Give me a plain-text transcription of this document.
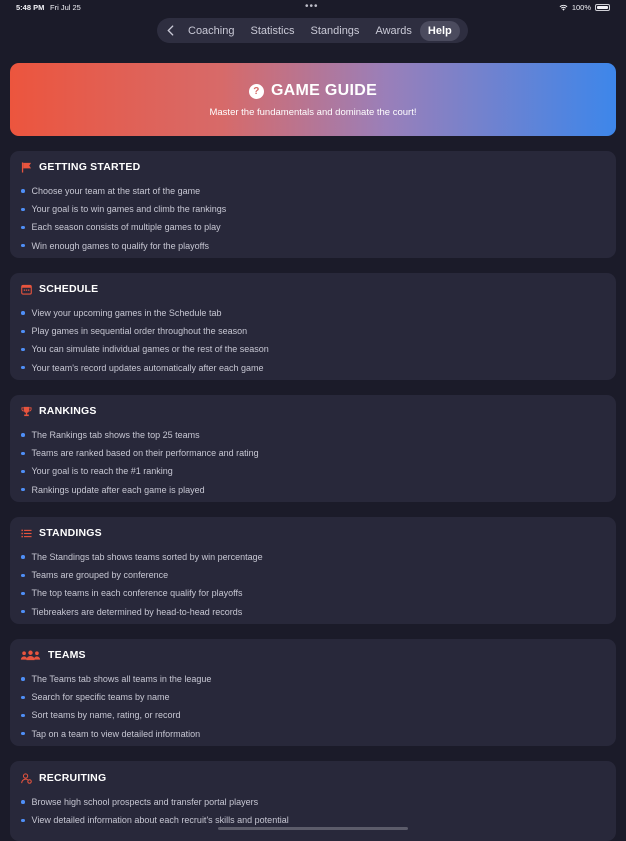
5:48 PM Fri Jul 25	•••	100%
Coaching	Statistics	Standings	Awards	Help
? GAME GUIDE
Master the fundamentals and dominate the court!
GETTING STARTED
Choose your team at the start of the game
Your goal is to win games and climb the rankings
Each season consists of multiple games to play
Win enough games to qualify for the playoffs
SCHEDULE
View your upcoming games in the Schedule tab
Play games in sequential order throughout the season
You can simulate individual games or the rest of the season
Your team's record updates automatically after each game
RANKINGS
The Rankings tab shows the top 25 teams
Teams are ranked based on their performance and rating
Your goal is to reach the #1 ranking
Rankings update after each game is played
STANDINGS
The Standings tab shows teams sorted by win percentage
Teams are grouped by conference
The top teams in each conference qualify for playoffs
Tiebreakers are determined by head-to-head records
TEAMS
The Teams tab shows all teams in the league
Search for specific teams by name
Sort teams by name, rating, or record
Tap on a team to view detailed information
RECRUITING
Browse high school prospects and transfer portal players
View detailed information about each recruit's skills and potential
